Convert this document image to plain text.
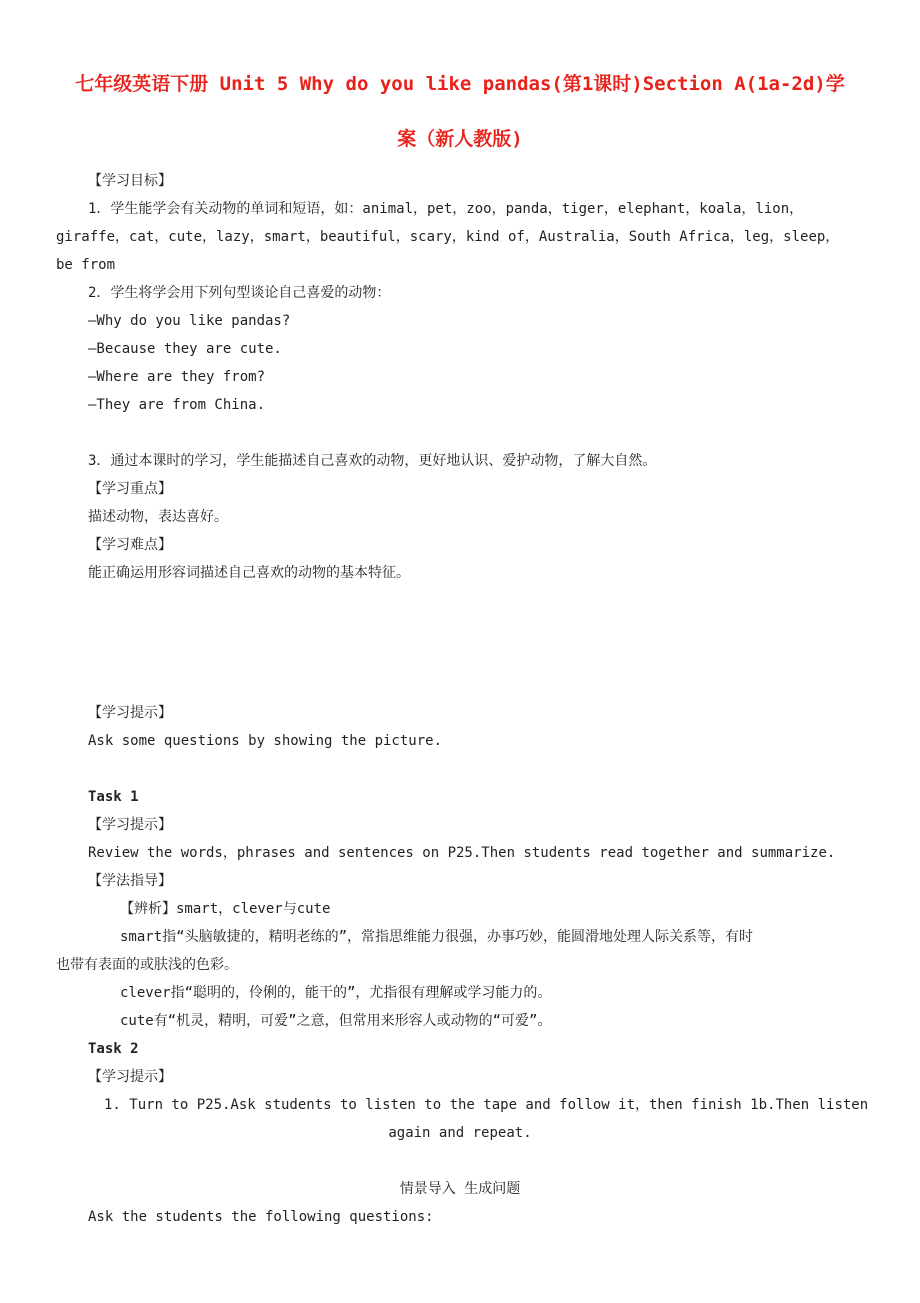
七年级英语下册 Unit 5 Why do you like pandas(第1课时)Section A(1a-2d)学
案（新人教版)
【学习目标】
1．学生能学会有关动物的单词和短语，如：animal，pet，zoo，panda，tiger，elephant，koala，lion，
giraffe，cat，cute，lazy，smart，beautiful，scary，kind of，Australia，South Africa，leg，sleep，
be from
2．学生将学会用下列句型谈论自己喜爱的动物：
—Why do you like pandas?
—Because they are cute.
—Where are they from?
—They are from China.
3．通过本课时的学习，学生能描述自己喜欢的动物，更好地认识、爱护动物，了解大自然。
【学习重点】
描述动物，表达喜好。
【学习难点】
能正确运用形容词描述自己喜欢的动物的基本特征。
【学习提示】
Ask some questions by showing the picture.
Task 1
【学习提示】
Review the words，phrases and sentences on P25.Then students read together and summarize.
【学法指导】
【辨析】smart，clever与cute
smart指“头脑敏捷的，精明老练的”，常指思维能力很强，办事巧妙，能圆滑地处理人际关系等，有时
也带有表面的或肤浅的色彩。
clever指“聪明的，伶俐的，能干的”，尤指很有理解或学习能力的。
cute有“机灵，精明，可爱”之意，但常用来形容人或动物的“可爱”。
Task 2
【学习提示】
1. Turn to P25.Ask students to listen to the tape and follow it，then finish 1b.Then listen
again and repeat.
情景导入 生成问题
Ask the students the following questions:
